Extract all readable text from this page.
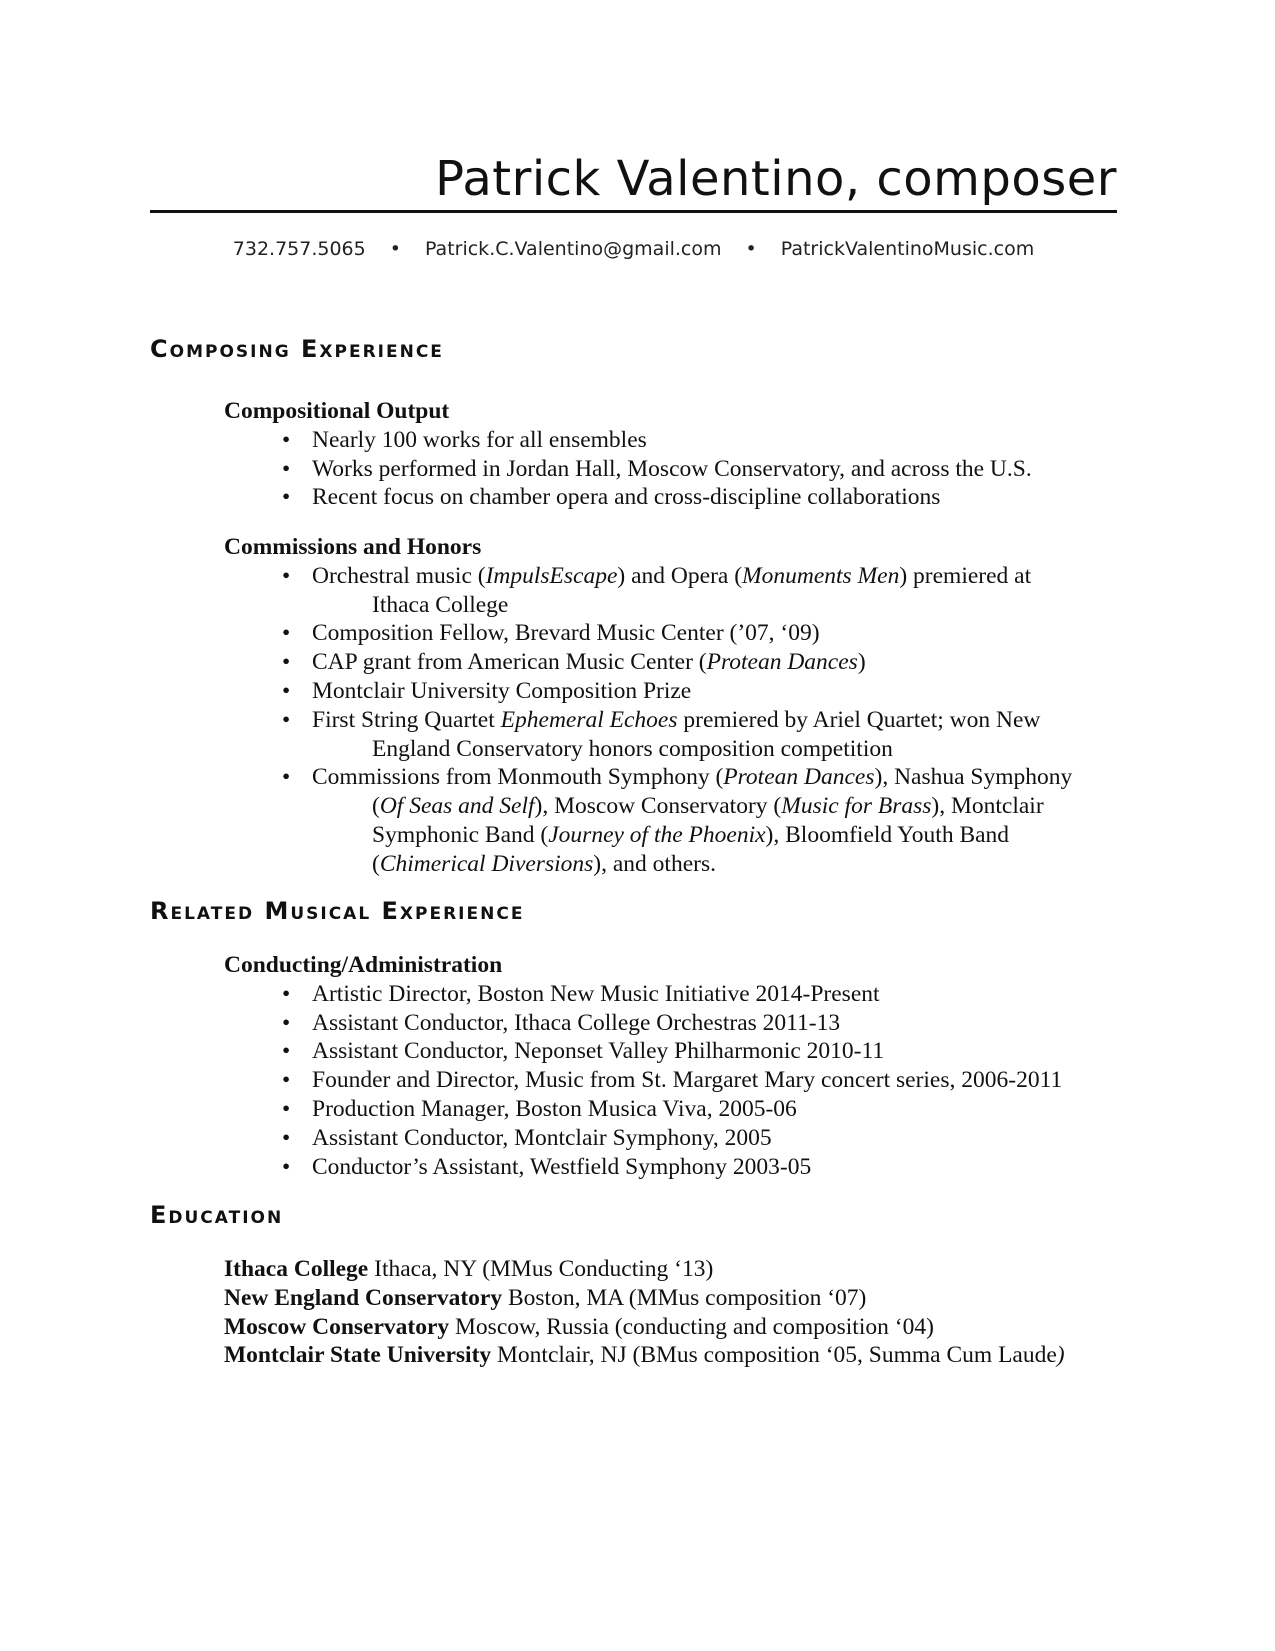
Patrick Valentino, composer
732.757.5065 • Patrick.C.Valentino@gmail.com • PatrickValentinoMusic.com
Composing Experience
Compositional Output
• Nearly 100 works for all ensembles
• Works performed in Jordan Hall, Moscow Conservatory, and across the U.S.
• Recent focus on chamber opera and cross-discipline collaborations
Commissions and Honors
• Orchestral music (ImpulsEscape) and Opera (Monuments Men) premiered at
Ithaca College
• Composition Fellow, Brevard Music Center (’07, ‘09)
• CAP grant from American Music Center (Protean Dances)
• Montclair University Composition Prize
• First String Quartet Ephemeral Echoes premiered by Ariel Quartet; won New
England Conservatory honors composition competition
• Commissions from Monmouth Symphony (Protean Dances), Nashua Symphony
(Of Seas and Self), Moscow Conservatory (Music for Brass), Montclair
Symphonic Band (Journey of the Phoenix), Bloomfield Youth Band
(Chimerical Diversions), and others.
Related Musical Experience
Conducting/Administration
• Artistic Director, Boston New Music Initiative 2014-Present
• Assistant Conductor, Ithaca College Orchestras 2011-13
• Assistant Conductor, Neponset Valley Philharmonic 2010-11
• Founder and Director, Music from St. Margaret Mary concert series, 2006-2011
• Production Manager, Boston Musica Viva, 2005-06
• Assistant Conductor, Montclair Symphony, 2005
• Conductor’s Assistant, Westfield Symphony 2003-05
Education
Ithaca College Ithaca, NY (MMus Conducting ‘13)
New England Conservatory Boston, MA (MMus composition ‘07)
Moscow Conservatory Moscow, Russia (conducting and composition ‘04)
Montclair State University Montclair, NJ (BMus composition ‘05, Summa Cum Laude)
